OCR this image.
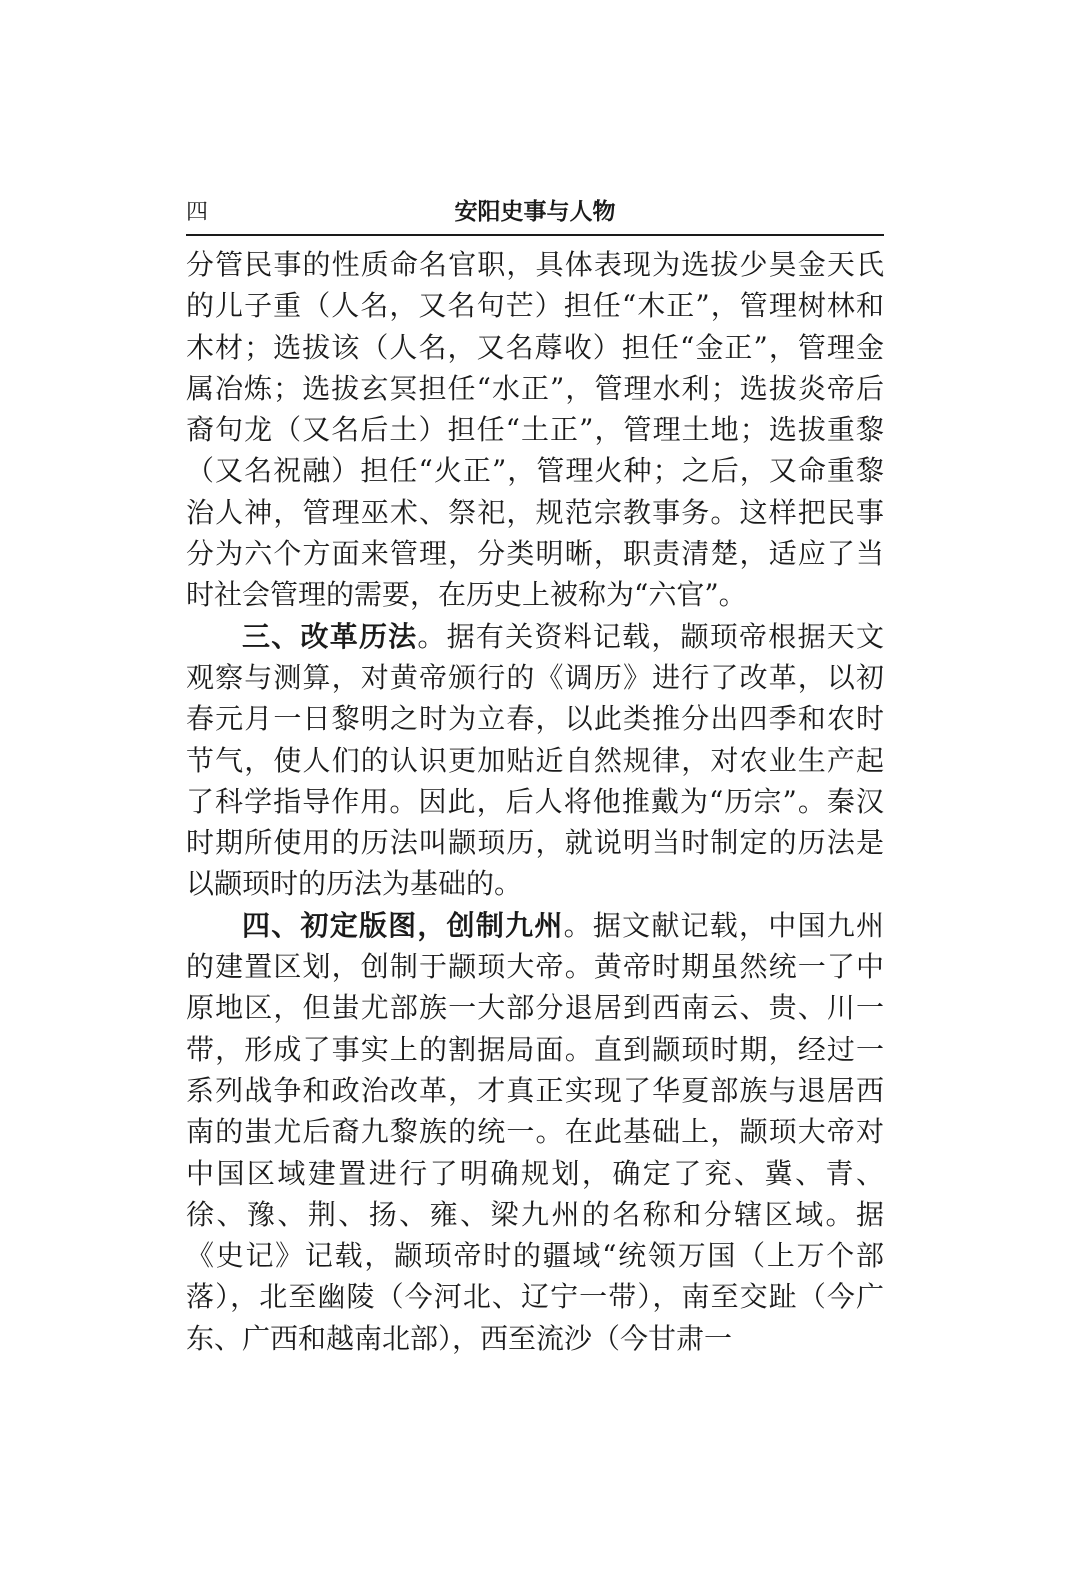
四	安阳史事与人物

分管民事的性质命名官职，具体表现为选拔少昊金天氏的儿子重（人名，又名句芒）担任“木正”，管理树林和木材；选拔该（人名，又名蓐收）担任“金正”，管理金属冶炼；选拔玄冥担任“水正”，管理水利；选拔炎帝后裔句龙（又名后土）担任“土正”，管理土地；选拔重黎（又名祝融）担任“火正”，管理火种；之后，又命重黎治人神，管理巫术、祭祀，规范宗教事务。这样把民事分为六个方面来管理，分类明晰，职责清楚，适应了当时社会管理的需要，在历史上被称为“六官”。

三、改革历法。据有关资料记载，颛顼帝根据天文观察与测算，对黄帝颁行的《调历》进行了改革，以初春元月一日黎明之时为立春，以此类推分出四季和农时节气，使人们的认识更加贴近自然规律，对农业生产起了科学指导作用。因此，后人将他推戴为“历宗”。秦汉时期所使用的历法叫颛顼历，就说明当时制定的历法是以颛顼时的历法为基础的。

四、初定版图，创制九州。据文献记载，中国九州的建置区划，创制于颛顼大帝。黄帝时期虽然统一了中原地区，但蚩尤部族一大部分退居到西南云、贵、川一带，形成了事实上的割据局面。直到颛顼时期，经过一系列战争和政治改革，才真正实现了华夏部族与退居西南的蚩尤后裔九黎族的统一。在此基础上，颛顼大帝对中国区域建置进行了明确规划，确定了兖、冀、青、徐、豫、荆、扬、雍、梁九州的名称和分辖区域。据《史记》记载，颛顼帝时的疆域“统领万国（上万个部落），北至幽陵（今河北、辽宁一带），南至交趾（今广东、广西和越南北部），西至流沙（今甘肃一
